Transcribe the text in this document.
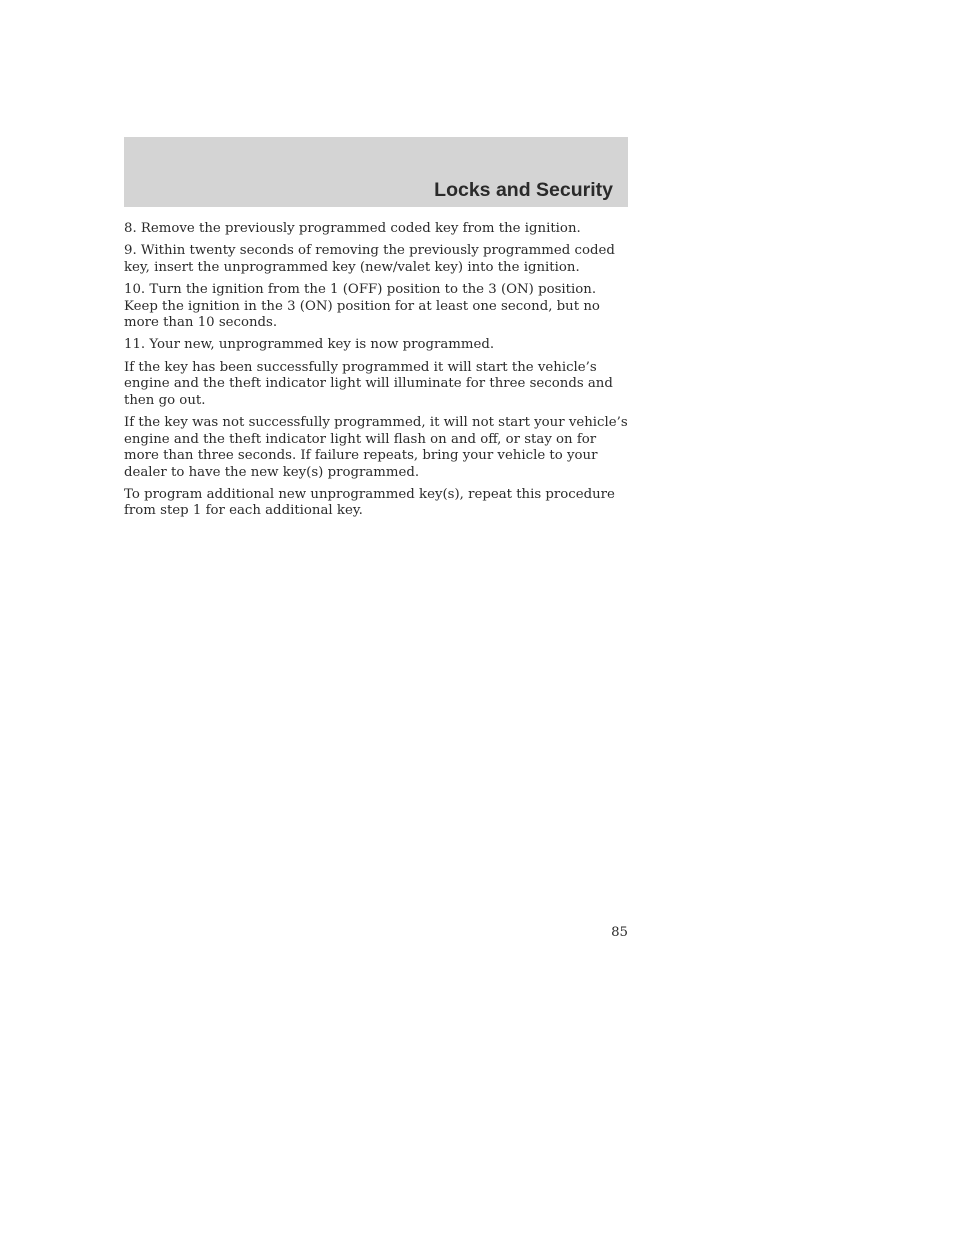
Locks and Security

8. Remove the previously programmed coded key from the ignition.

9. Within twenty seconds of removing the previously programmed coded key, insert the unprogrammed key (new/valet key) into the ignition.

10. Turn the ignition from the 1 (OFF) position to the 3 (ON) position. Keep the ignition in the 3 (ON) position for at least one second, but no more than 10 seconds.

11. Your new, unprogrammed key is now programmed.

If the key has been successfully programmed it will start the vehicle’s engine and the theft indicator light will illuminate for three seconds and then go out.

If the key was not successfully programmed, it will not start your vehicle’s engine and the theft indicator light will flash on and off, or stay on for more than three seconds. If failure repeats, bring your vehicle to your dealer to have the new key(s) programmed.

To program additional new unprogrammed key(s), repeat this procedure from step 1 for each additional key.

85
